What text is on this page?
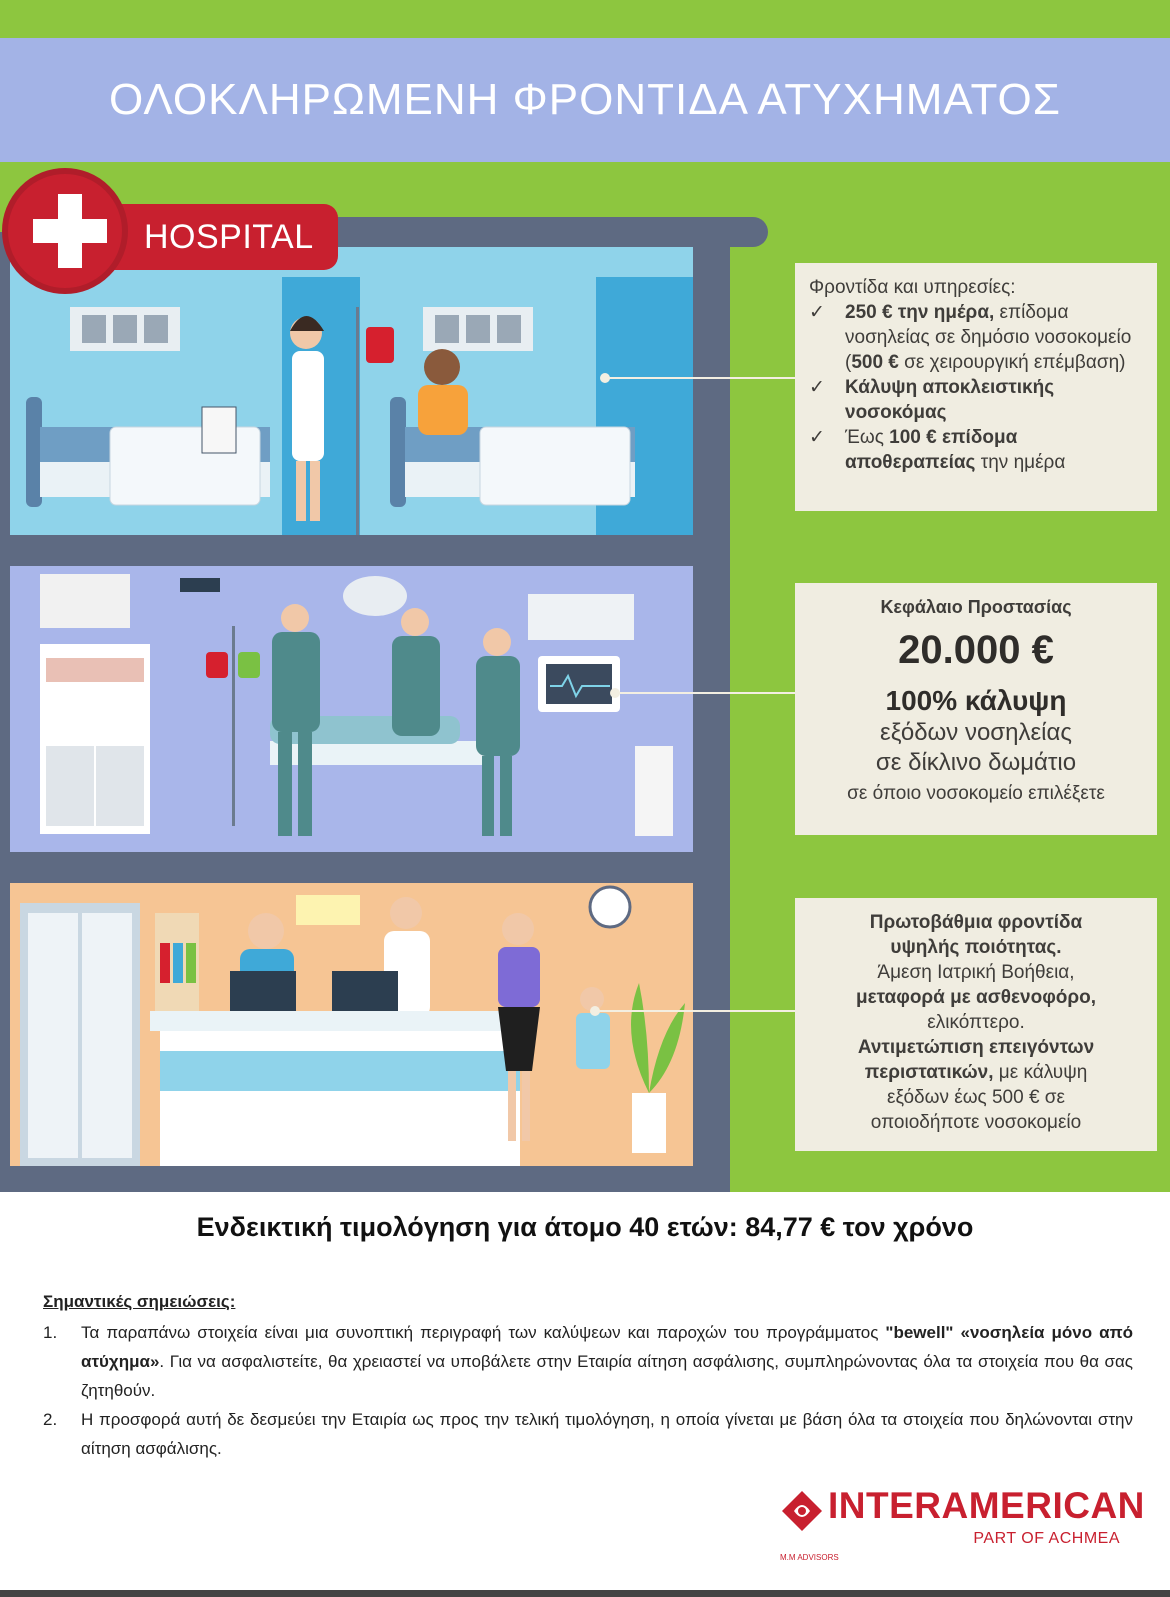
ΟΛΟΚΛΗΡΩΜΕΝΗ ΦΡΟΝΤΙΔΑ ΑΤΥΧΗΜΑΤΟΣ
HOSPITAL
Φροντίδα και υπηρεσίες:
✓	250 € την ημέρα, επίδομα νοσηλείας σε δημόσιο νοσοκομείο (500 € σε χειρουργική επέμβαση)
✓	Κάλυψη αποκλειστικής νοσοκόμας
✓	Έως 100 € επίδομα αποθεραπείας την ημέρα
Κεφάλαιο Προστασίας
20.000 €
100% κάλυψη
εξόδων νοσηλείας
σε δίκλινο δωμάτιο
σε όποιο νοσοκομείο επιλέξετε
Πρωτοβάθμια φροντίδα
υψηλής ποιότητας.
Άμεση Ιατρική Βοήθεια,
μεταφορά με ασθενοφόρο,
ελικόπτερο.
Αντιμετώπιση επειγόντων
περιστατικών, με κάλυψη
εξόδων έως 500 € σε
οποιοδήποτε νοσοκομείο
Ενδεικτική τιμολόγηση για άτομο 40 ετών: 84,77 € τον χρόνο
Σημαντικές σημειώσεις:
1.	Τα παραπάνω στοιχεία είναι μια συνοπτική περιγραφή των καλύψεων και παροχών του προγράμματος "bewell" «νοσηλεία μόνο από ατύχημα». Για να ασφαλιστείτε, θα χρειαστεί να υποβάλετε στην Εταιρία αίτηση ασφάλισης, συμπληρώνοντας όλα τα στοιχεία που θα σας ζητηθούν.
2.	Η προσφορά αυτή δε δεσμεύει την Εταιρία ως προς την τελική τιμολόγηση, η οποία γίνεται με βάση όλα τα στοιχεία που δηλώνονται στην αίτηση ασφάλισης.
INTERAMERICAN
PART OF ACHMEA
M.M ADVISORS
